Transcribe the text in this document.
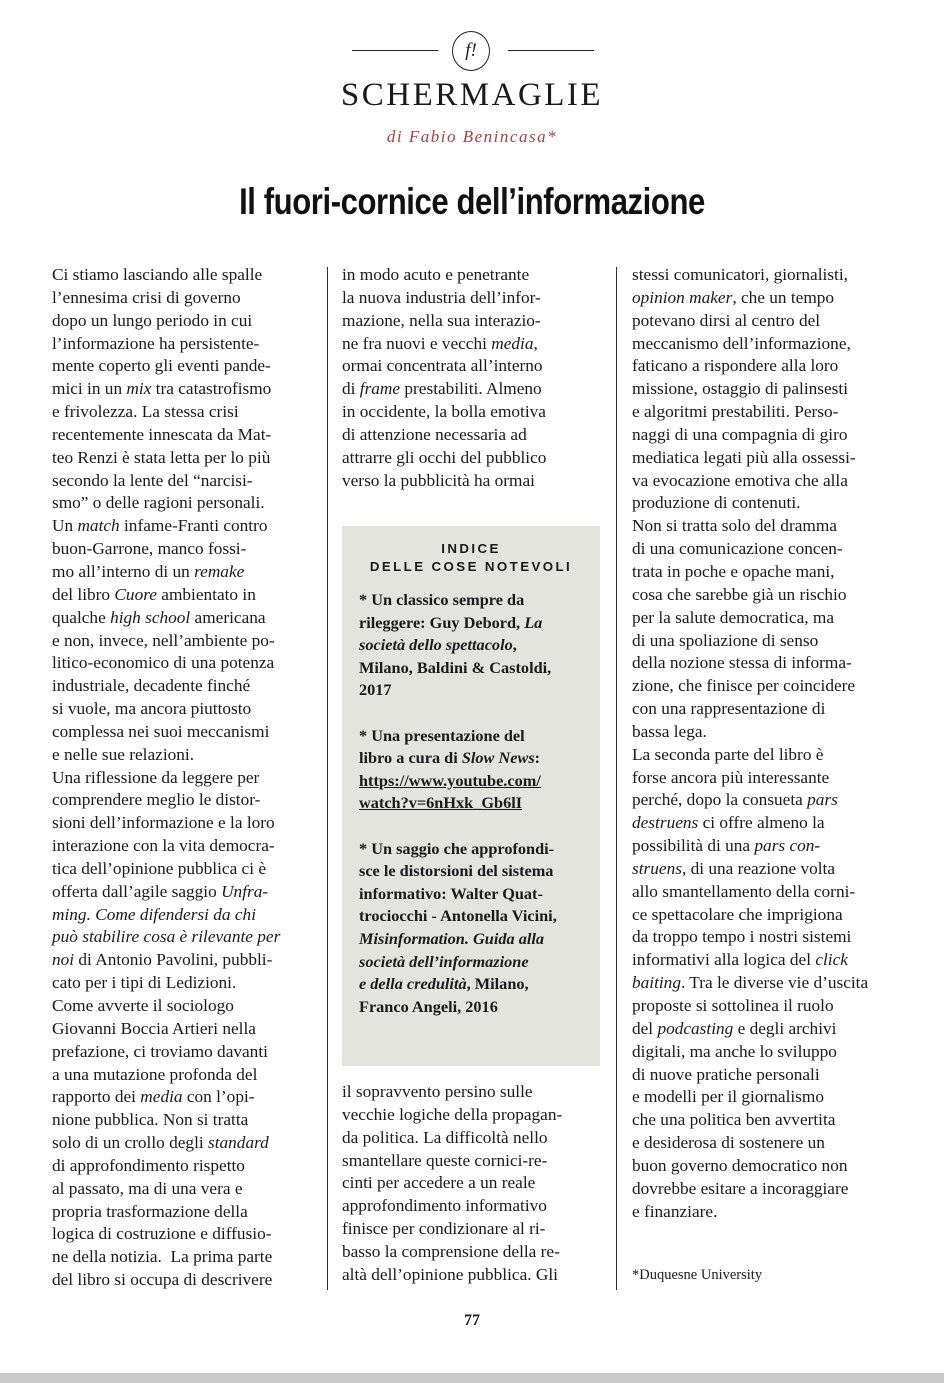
f!
SCHERMAGLIE
di Fabio Benincasa*
Il fuori-cornice dell’informazione
Ci stiamo lasciando alle spalle
l’ennesima crisi di governo
dopo un lungo periodo in cui
l’informazione ha persistente-
mente coperto gli eventi pande-
mici in un mix tra catastrofismo
e frivolezza. La stessa crisi
recentemente innescata da Mat-
teo Renzi è stata letta per lo più
secondo la lente del “narcisi-
smo” o delle ragioni personali.
Un match infame-Franti contro
buon-Garrone, manco fossi-
mo all’interno di un remake
del libro Cuore ambientato in
qualche high school americana
e non, invece, nell’ambiente po-
litico-economico di una potenza
industriale, decadente finché
si vuole, ma ancora piuttosto
complessa nei suoi meccanismi
e nelle sue relazioni.
Una riflessione da leggere per
comprendere meglio le distor-
sioni dell’informazione e la loro
interazione con la vita democra-
tica dell’opinione pubblica ci è
offerta dall’agile saggio Unfra-
ming. Come difendersi da chi
può stabilire cosa è rilevante per
noi di Antonio Pavolini, pubbli-
cato per i tipi di Ledizioni.
Come avverte il sociologo
Giovanni Boccia Artieri nella
prefazione, ci troviamo davanti
a una mutazione profonda del
rapporto dei media con l’opi-
nione pubblica. Non si tratta
solo di un crollo degli standard
di approfondimento rispetto
al passato, ma di una vera e
propria trasformazione della
logica di costruzione e diffusio-
ne della notizia.  La prima parte
del libro si occupa di descrivere
in modo acuto e penetrante
la nuova industria dell’infor-
mazione, nella sua interazio-
ne fra nuovi e vecchi media,
ormai concentrata all’interno
di frame prestabiliti. Almeno
in occidente, la bolla emotiva
di attenzione necessaria ad
attrarre gli occhi del pubblico
verso la pubblicità ha ormai
INDICE
DELLE COSE NOTEVOLI
* Un classico sempre da
rileggere: Guy Debord, La
società dello spettacolo,
Milano, Baldini & Castoldi,
2017
* Una presentazione del
libro a cura di Slow News:
https://www.youtube.com/
watch?v=6nHxk_Gb6lI
* Un saggio che approfondi-
sce le distorsioni del sistema
informativo: Walter Quat-
trociocchi - Antonella Vicini,
Misinformation. Guida alla
società dell’informazione
e della credulità, Milano,
Franco Angeli, 2016
il sopravvento persino sulle
vecchie logiche della propagan-
da politica. La difficoltà nello
smantellare queste cornici-re-
cinti per accedere a un reale
approfondimento informativo
finisce per condizionare al ri-
basso la comprensione della re-
altà dell’opinione pubblica. Gli
stessi comunicatori, giornalisti,
opinion maker, che un tempo
potevano dirsi al centro del
meccanismo dell’informazione,
faticano a rispondere alla loro
missione, ostaggio di palinsesti
e algoritmi prestabiliti. Perso-
naggi di una compagnia di giro
mediatica legati più alla ossessi-
va evocazione emotiva che alla
produzione di contenuti.
Non si tratta solo del dramma
di una comunicazione concen-
trata in poche e opache mani,
cosa che sarebbe già un rischio
per la salute democratica, ma
di una spoliazione di senso
della nozione stessa di informa-
zione, che finisce per coincidere
con una rappresentazione di
bassa lega.
La seconda parte del libro è
forse ancora più interessante
perché, dopo la consueta pars
destruens ci offre almeno la
possibilità di una pars con-
struens, di una reazione volta
allo smantellamento della corni-
ce spettacolare che imprigiona
da troppo tempo i nostri sistemi
informativi alla logica del click
baiting. Tra le diverse vie d’uscita
proposte si sottolinea il ruolo
del podcasting e degli archivi
digitali, ma anche lo sviluppo
di nuove pratiche personali
e modelli per il giornalismo
che una politica ben avvertita
e desiderosa di sostenere un
buon governo democratico non
dovrebbe esitare a incoraggiare
e finanziare.
*Duquesne University
77
